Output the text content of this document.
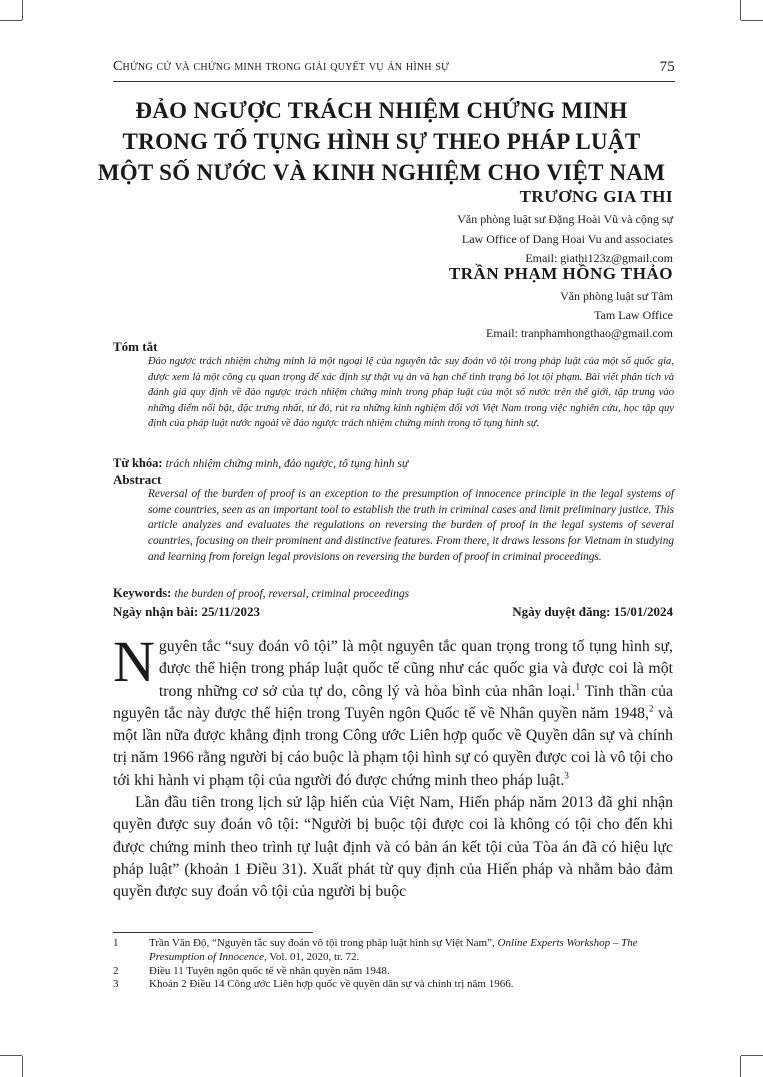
Chứng cứ và chứng minh trong giải quyết vụ án hình sự	75
ĐẢO NGƯỢC TRÁCH NHIỆM CHỨNG MINH
TRONG TỐ TỤNG HÌNH SỰ THEO PHÁP LUẬT
MỘT SỐ NƯỚC VÀ KINH NGHIỆM CHO VIỆT NAM
TRƯƠNG GIA THI
Văn phòng luật sư Đặng Hoài Vũ và cộng sự
Law Office of Dang Hoai Vu and associates
Email: giathi123z@gmail.com
TRẦN PHẠM HỒNG THẢO
Văn phòng luật sư Tâm
Tam Law Office
Email: tranphamhongthao@gmail.com
Tóm tắt
Đảo ngược trách nhiệm chứng minh là một ngoại lệ của nguyên tắc suy đoán vô tội trong pháp luật của một số quốc gia, được xem là một công cụ quan trọng để xác định sự thật vụ án và hạn chế tình trạng bỏ lọt tội phạm. Bài viết phân tích và đánh giá quy định về đảo ngược trách nhiệm chứng minh trong pháp luật của một số nước trên thế giới, tập trung vào những điểm nổi bật, đặc trưng nhất, từ đó, rút ra những kinh nghiệm đối với Việt Nam trong việc nghiên cứu, học tập quy định của pháp luật nước ngoài về đảo ngược trách nhiệm chứng minh trong tố tụng hình sự.
Từ khóa: trách nhiệm chứng minh, đảo ngược, tố tụng hình sự
Abstract
Reversal of the burden of proof is an exception to the presumption of innocence principle in the legal systems of some countries, seen as an important tool to establish the truth in criminal cases and limit preliminary justice. This article analyzes and evaluates the regulations on reversing the burden of proof in the legal systems of several countries, focusing on their prominent and distinctive features. From there, it draws lessons for Vietnam in studying and learning from foreign legal provisions on reversing the burden of proof in criminal proceedings.
Keywords: the burden of proof, reversal, criminal proceedings
Ngày nhận bài: 25/11/2023	Ngày duyệt đăng: 15/01/2024

Nguyên tắc “suy đoán vô tội” là một nguyên tắc quan trọng trong tố tụng hình sự, được thể hiện trong pháp luật quốc tế cũng như các quốc gia và được coi là một trong những cơ sở của tự do, công lý và hòa bình của nhân loại.$^1$ Tinh thần của nguyên tắc này được thể hiện trong Tuyên ngôn Quốc tế về Nhân quyền năm 1948,$^2$ và một lần nữa được khẳng định trong Công ước Liên hợp quốc về Quyền dân sự và chính trị năm 1966 rằng người bị cáo buộc là phạm tội hình sự có quyền được coi là vô tội cho tới khi hành vi phạm tội của người đó được chứng minh theo pháp luật.$^3$

Lần đầu tiên trong lịch sử lập hiến của Việt Nam, Hiến pháp năm 2013 đã ghi nhận quyền được suy đoán vô tội: “Người bị buộc tội được coi là không có tội cho đến khi được chứng minh theo trình tự luật định và có bản án kết tội của Tòa án đã có hiệu lực pháp luật” (khoản 1 Điều 31). Xuất phát từ quy định của Hiến pháp và nhằm bảo đảm quyền được suy đoán vô tội của người bị buộc

1	Trần Văn Độ, “Nguyên tắc suy đoán vô tội trong pháp luật hình sự Việt Nam”, Online Experts Workshop – The Presumption of Innocence, Vol. 01, 2020, tr. 72.
2	Điều 11 Tuyên ngôn quốc tế về nhân quyền năm 1948.
3	Khoản 2 Điều 14 Công ước Liên hợp quốc về quyền dân sự và chính trị năm 1966.
